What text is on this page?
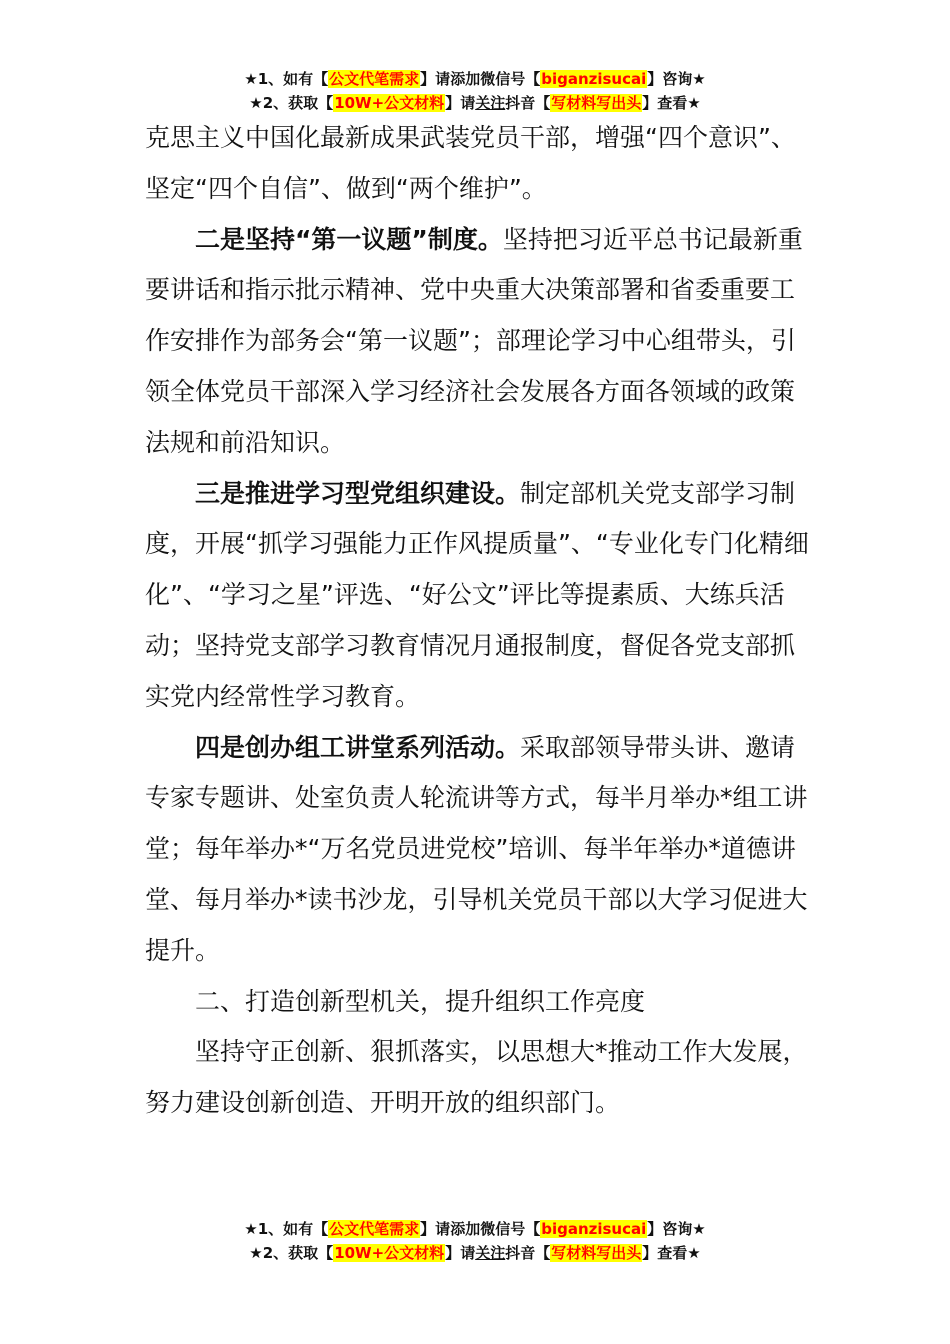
★1、如有【公文代笔需求】请添加微信号【biganzisucai】咨询★
★2、获取【10W+公文材料】请关注抖音【写材料写出头】查看★

克思主义中国化最新成果武装党员干部，增强“四个意识”、坚定“四个自信”、做到“两个维护”。

二是坚持“第一议题”制度。坚持把习近平总书记最新重要讲话和指示批示精神、党中央重大决策部署和省委重要工作安排作为部务会“第一议题”；部理论学习中心组带头，引领全体党员干部深入学习经济社会发展各方面各领域的政策法规和前沿知识。

三是推进学习型党组织建设。制定部机关党支部学习制度，开展“抓学习强能力正作风提质量”、“专业化专门化精细化”、“学习之星”评选、“好公文”评比等提素质、大练兵活动；坚持党支部学习教育情况月通报制度，督促各党支部抓实党内经常性学习教育。

四是创办组工讲堂系列活动。采取部领导带头讲、邀请专家专题讲、处室负责人轮流讲等方式，每半月举办*组工讲堂；每年举办*“万名党员进党校”培训、每半年举办*道德讲堂、每月举办*读书沙龙，引导机关党员干部以大学习促进大提升。

二、打造创新型机关，提升组织工作亮度

坚持守正创新、狠抓落实，以思想大*推动工作大发展，努力建设创新创造、开明开放的组织部门。

★1、如有【公文代笔需求】请添加微信号【biganzisucai】咨询★
★2、获取【10W+公文材料】请关注抖音【写材料写出头】查看★
